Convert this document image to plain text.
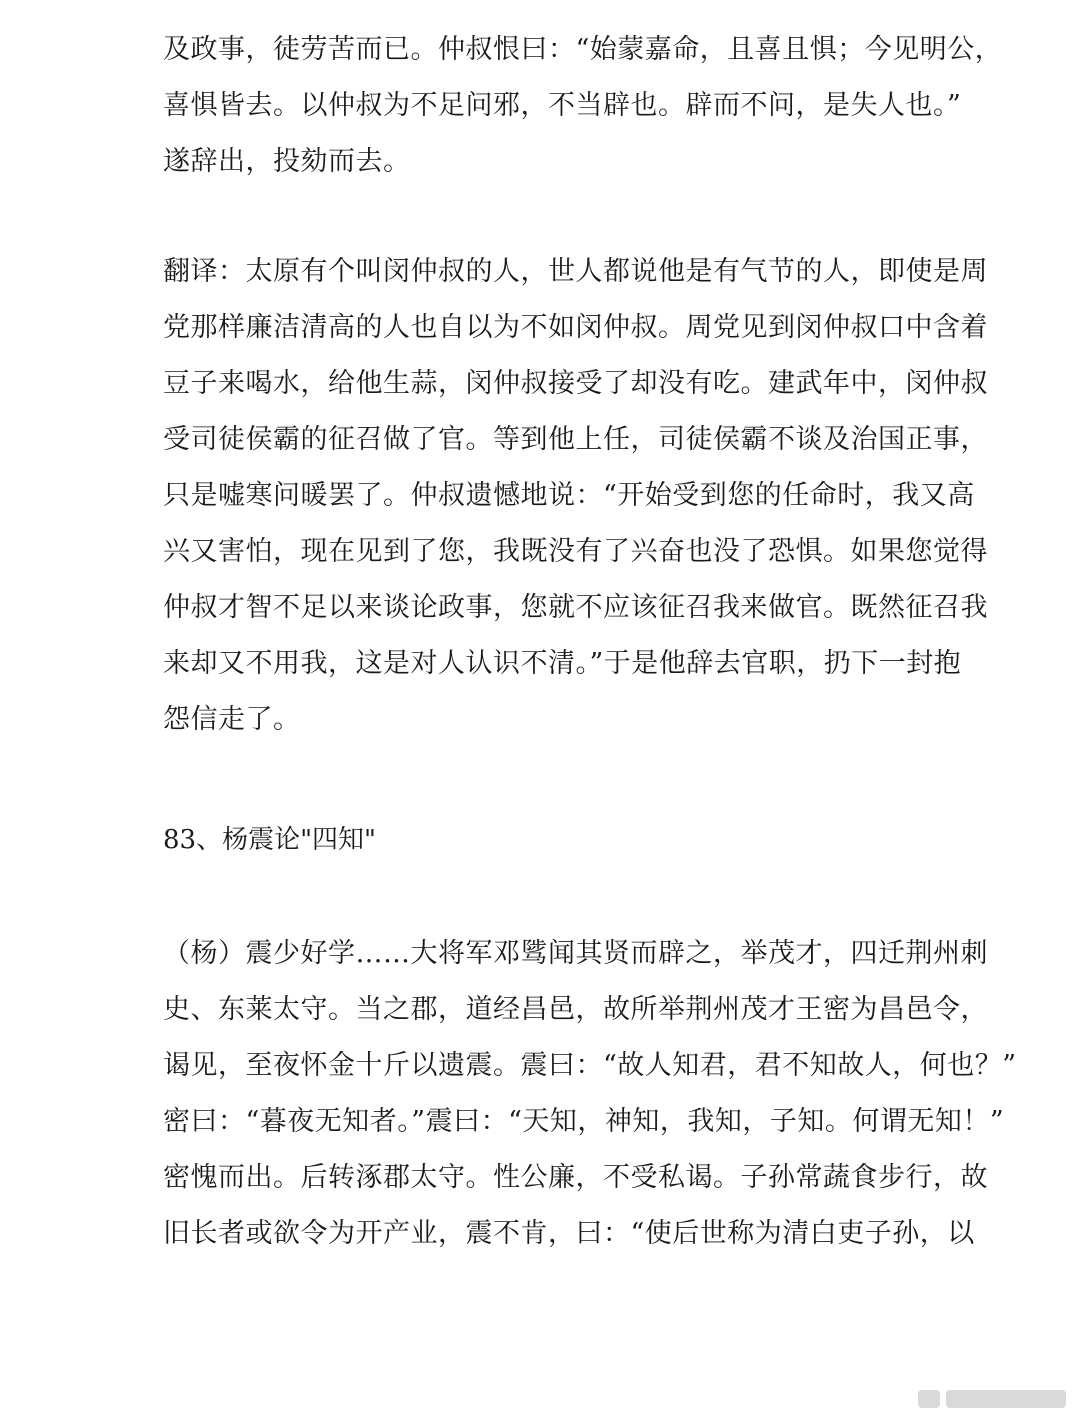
及政事，徒劳苦而已。仲叔恨曰：“始蒙嘉命，且喜且惧；今见明公，
喜惧皆去。以仲叔为不足问邪，不当辟也。辟而不问，是失人也。”
遂辞出，投劾而去。
翻译：太原有个叫闵仲叔的人，世人都说他是有气节的人，即使是周
党那样廉洁清高的人也自以为不如闵仲叔。周党见到闵仲叔口中含着
豆子来喝水，给他生蒜，闵仲叔接受了却没有吃。建武年中，闵仲叔
受司徒侯霸的征召做了官。等到他上任，司徒侯霸不谈及治国正事，
只是嘘寒问暖罢了。仲叔遗憾地说：“开始受到您的任命时，我又高
兴又害怕，现在见到了您，我既没有了兴奋也没了恐惧。如果您觉得
仲叔才智不足以来谈论政事，您就不应该征召我来做官。既然征召我
来却又不用我，这是对人认识不清。”于是他辞去官职，扔下一封抱
怨信走了。
83、杨震论"四知"
（杨）震少好学……大将军邓骘闻其贤而辟之，举茂才，四迁荆州刺
史、东莱太守。当之郡，道经昌邑，故所举荆州茂才王密为昌邑令，
谒见，至夜怀金十斤以遗震。震曰：“故人知君，君不知故人，何也？”
密曰：“暮夜无知者。”震曰：“天知，神知，我知，子知。何谓无知！”
密愧而出。后转涿郡太守。性公廉，不受私谒。子孙常蔬食步行，故
旧长者或欲令为开产业，震不肯，曰：“使后世称为清白吏子孙，以
